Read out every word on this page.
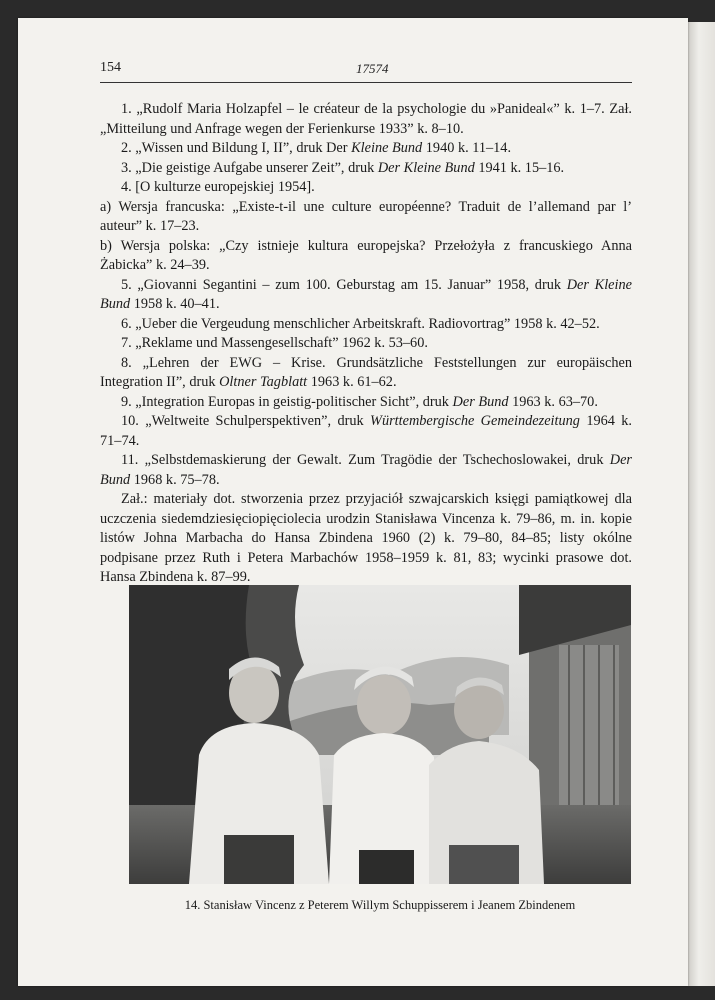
154	17574

1. „Rudolf Maria Holzapfel – le créateur de la psychologie du »Panideal«” k. 1–7. Zał. „Mitteilung und Anfrage wegen der Ferienkurse 1933” k. 8–10.

2. „Wissen und Bildung I, II”, druk Der Kleine Bund 1940 k. 11–14.

3. „Die geistige Aufgabe unserer Zeit”, druk Der Kleine Bund 1941 k. 15–16.

4. [O kulturze europejskiej 1954].

a) Wersja francuska: „Existe-t-il une culture européenne? Traduit de l’allemand par l’ auteur” k. 17–23.

b) Wersja polska: „Czy istnieje kultura europejska? Przełożyła z francuskiego Anna Żabicka” k. 24–39.

5. „Giovanni Segantini – zum 100. Geburstag am 15. Januar” 1958, druk Der Kleine Bund 1958 k. 40–41.

6. „Ueber die Vergeudung menschlicher Arbeitskraft. Radiovortrag” 1958 k. 42–52.

7. „Reklame und Massengesellschaft” 1962 k. 53–60.

8. „Lehren der EWG – Krise. Grundsätzliche Feststellungen zur europäischen Integration II”, druk Oltner Tagblatt 1963 k. 61–62.

9. „Integration Europas in geistig-politischer Sicht”, druk Der Bund 1963 k. 63–70.

10. „Weltweite Schulperspektiven”, druk Württembergische Gemeindezeitung 1964 k. 71–74.

11. „Selbstdemaskierung der Gewalt. Zum Tragödie der Tschechoslowakei, druk Der Bund 1968 k. 75–78.

Zał.: materiały dot. stworzenia przez przyjaciół szwajcarskich księgi pamiątkowej dla uczczenia siedemdziesięciopięciolecia urodzin Stanisława Vincenza k. 79–86, m. in. kopie listów Johna Marbacha do Hansa Zbindena 1960 (2) k. 79–80, 84–85; listy okólne podpisane przez Ruth i Petera Marbachów 1958–1959 k. 81, 83; wycinki prasowe dot. Hansa Zbindena k. 87–99.

14. Stanisław Vincenz z Peterem Willym Schuppisserem i Jeanem Zbindenem
